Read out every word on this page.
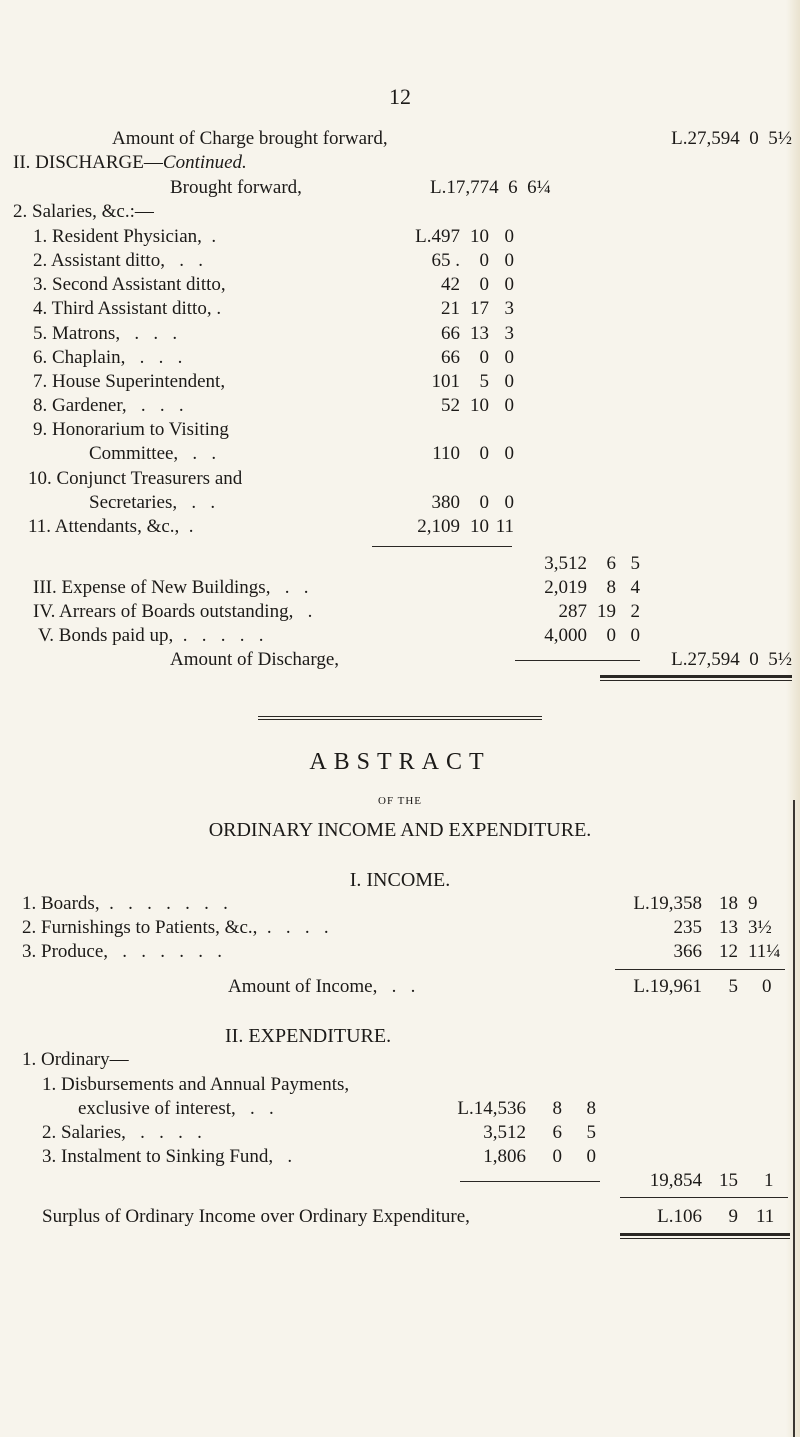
12
Amount of Charge brought forward,	L.27,594  0  5½
II. DISCHARGE—Continued.
Brought forward,	L.17,774  6  6¼
2. Salaries, &c.:—
1. Resident Physician,  .	L.497 10 0
2. Assistant ditto,   .   .	65 .	0 0
3. Second Assistant ditto,	42	0 0
4. Third Assistant ditto, .	21 17 3
5. Matrons,   .   .   .	66 13 3
6. Chaplain,   .   .   .	66	0 0
7. House Superintendent,	101	5 0
8. Gardener,   .   .   .	52 10 0
9. Honorarium to Visiting
Committee,   .   .	110	0 0
10. Conjunct Treasurers and
Secretaries,   .   .	380	0 0
11. Attendants, &c.,  .	2,109 10 11
3,512	6 5
III. Expense of New Buildings,   .   .	2,019	8 4
IV. Arrears of Boards outstanding,   .	287 19 2
V. Bonds paid up,  .   .   .   .   .	4,000	0 0
Amount of Discharge,	L.27,594  0  5½
ABSTRACT
OF THE
ORDINARY INCOME AND EXPENDITURE.
I. INCOME.
1. Boards,  .   .   .   .   .   .   .	L.19,358 18 9
2. Furnishings to Patients, &c.,  .   .   .   .	235 13 3½
3. Produce,   .   .   .   .   .   .	366 12 11¼
Amount of Income,   .   .	L.19,961	5 0
II. EXPENDITURE.
1. Ordinary—
1. Disbursements and Annual Payments,
exclusive of interest,   .   .	L.14,536	8	8
2. Salaries,   .   .   .   .	3,512	6	5
3. Instalment to Sinking Fund,   .	1,806	0	0
19,854 15 1
Surplus of Ordinary Income over Ordinary Expenditure,	L.106	9 11
